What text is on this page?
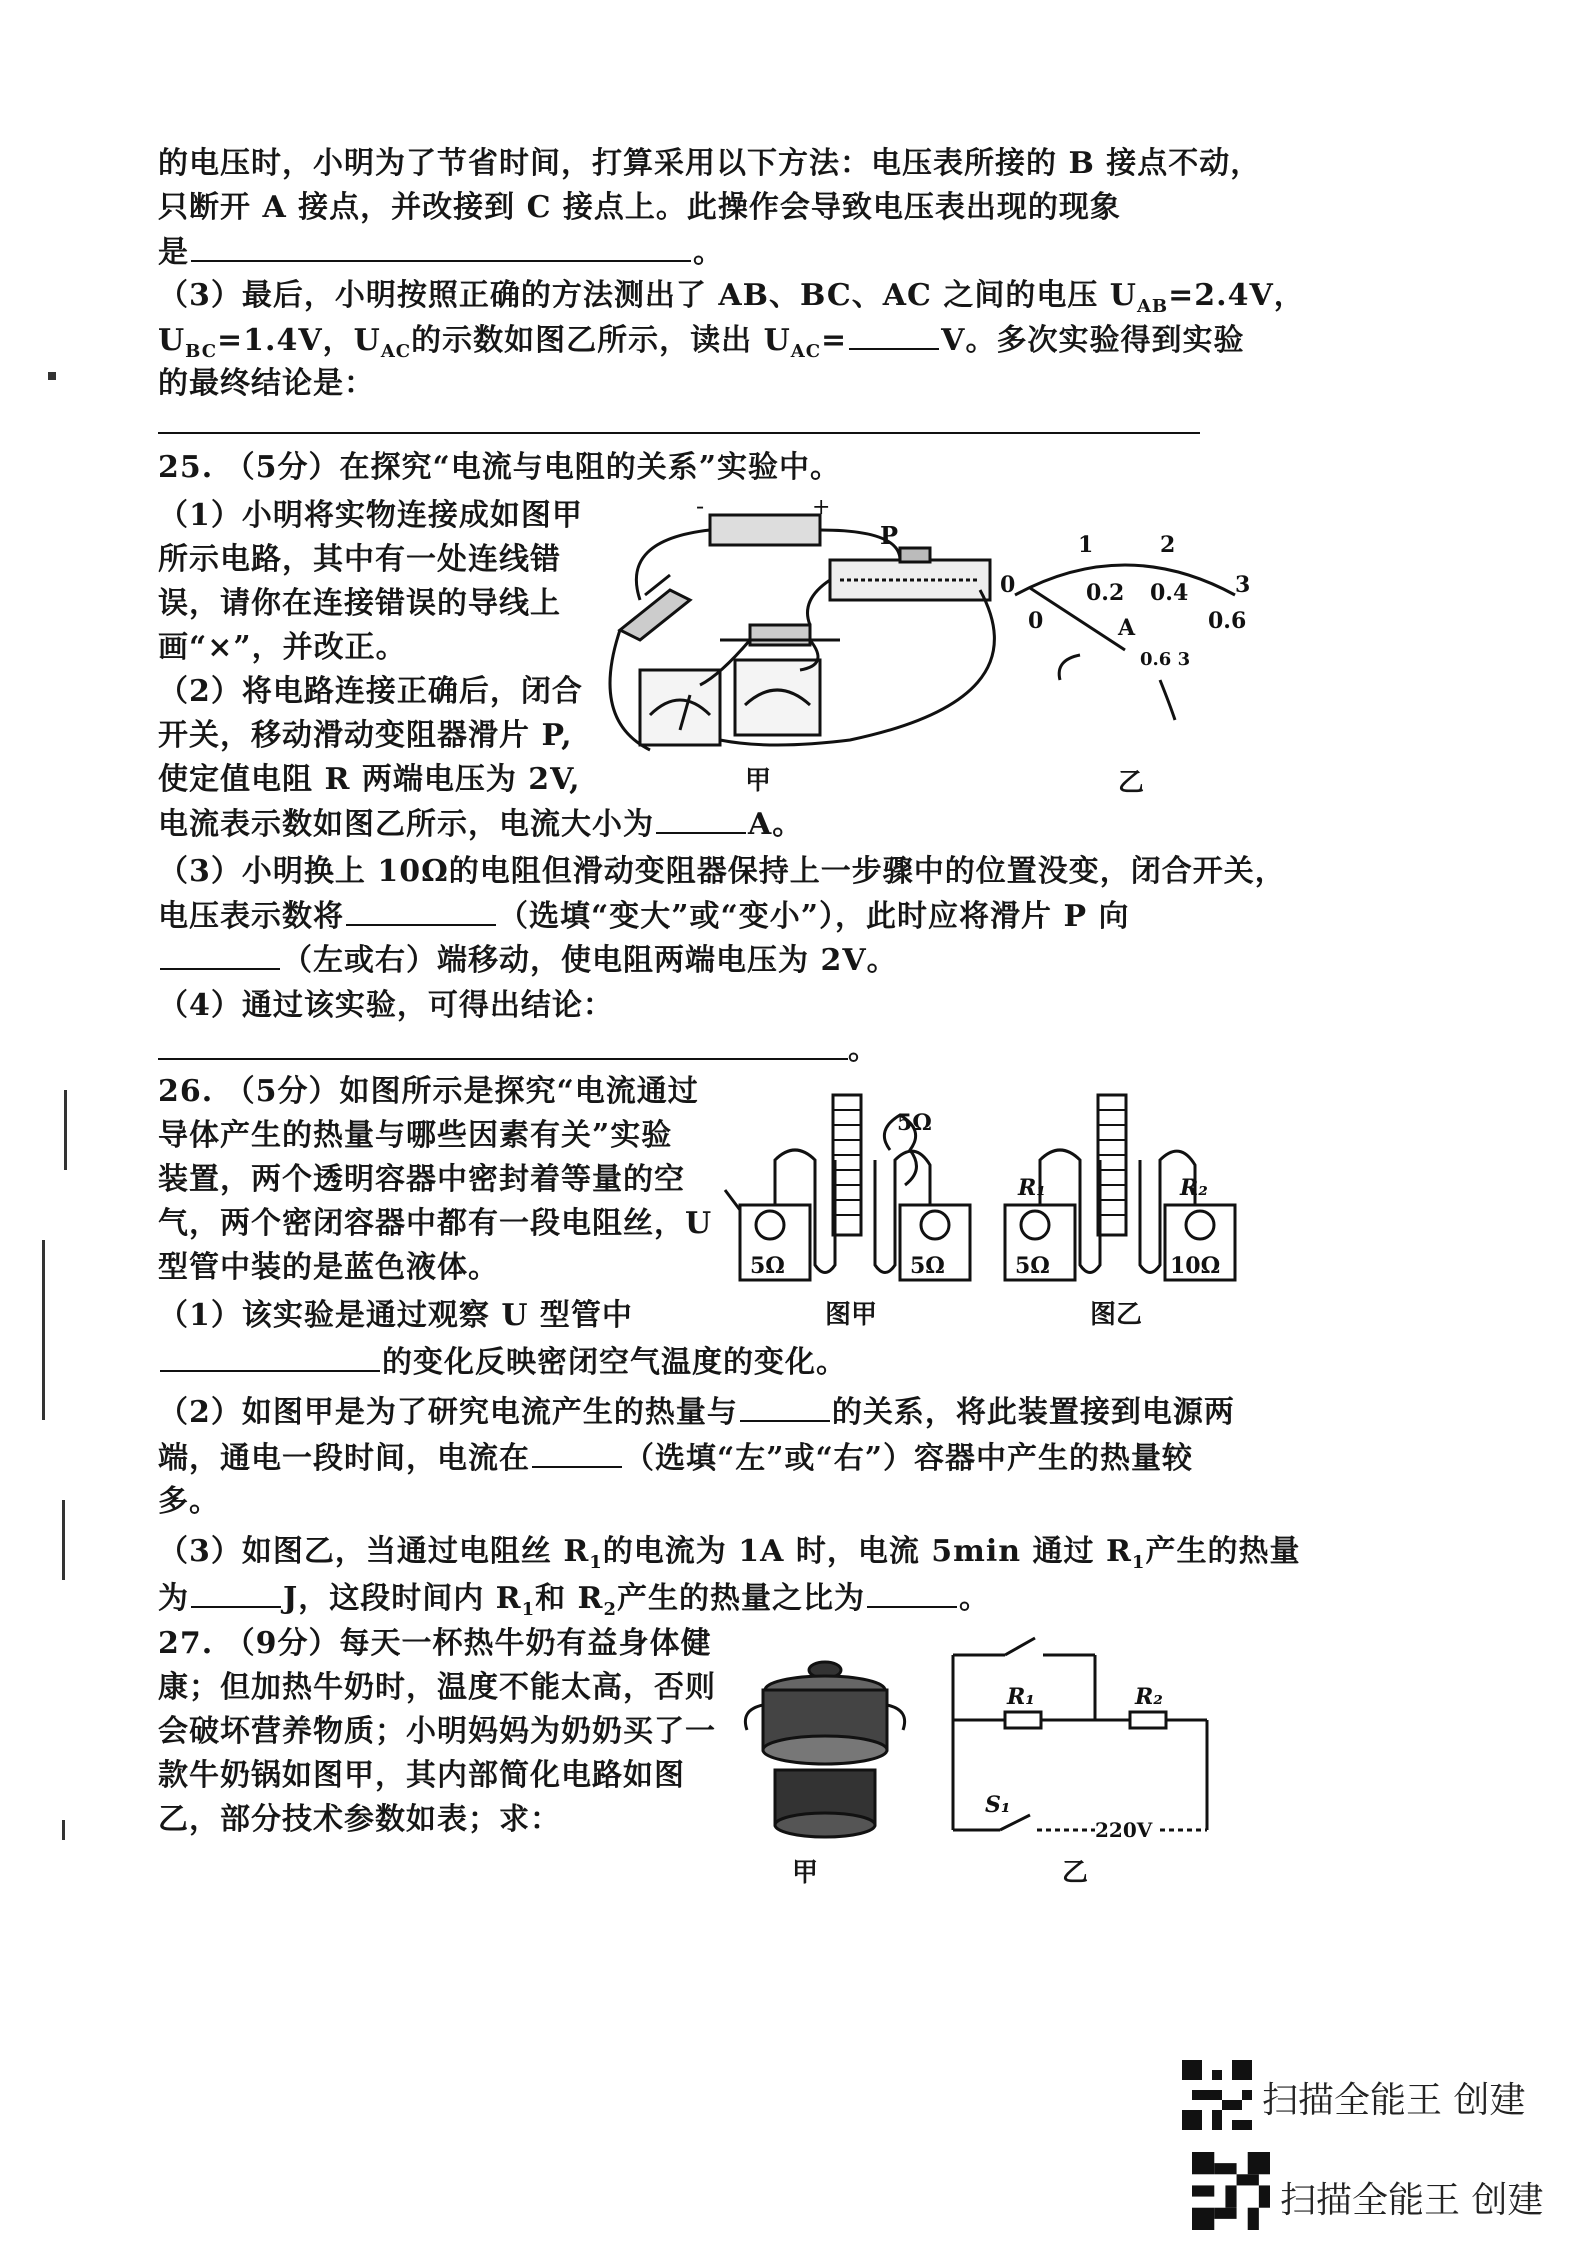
的电压时，小明为了节省时间，打算采用以下方法：电压表所接的 B 接点不动，
只断开 A 接点，并改接到 C 接点上。此操作会导致电压表出现的现象
是	。
（3）最后，小明按照正确的方法测出了 AB、BC、AC 之间的电压 $U_{AB}=2.4V$，
$U_{BC}=1.4V$，$U_{AC}$的示数如图乙所示，读出 $U_{AC}=$	V。多次实验得到实验
的最终结论是：
25. （5分）在探究“电流与电阻的关系”实验中。
（1）小明将实物连接成如图甲
所示电路，其中有一处连线错
误，请你在连接错误的导线上
画“×”，并改正。
（2）将电路连接正确后，闭合
开关，移动滑动变阻器滑片 P,
使定值电阻 R 两端电压为 2V,
电流表示数如图乙所示，电流大小为	A。
（3）小明换上 10Ω的电阻但滑动变阻器保持上一步骤中的位置没变，闭合开关，
电压表示数将	（选填“变大”或“变小”），此时应将滑片 P 向
（左或右）端移动，使电阻两端电压为 2V。
（4）通过该实验，可得出结论：
。
-	+
P
甲
0
1	2
3
0
0.2 0.4
0.6
A
0.6 3
乙
26. （5分）如图所示是探究“电流通过
导体产生的热量与哪些因素有关”实验
装置，两个透明容器中密封着等量的空
气，两个密闭容器中都有一段电阻丝，U
型管中装的是蓝色液体。
（1）该实验是通过观察 U 型管中
的变化反映密闭空气温度的变化。
（2）如图甲是为了研究电流产生的热量与	的关系，将此装置接到电源两
端，通电一段时间，电流在	（选填“左”或“右”）容器中产生的热量较
多。
（3）如图乙，当通过电阻丝 $R_1$的电流为 1A 时，电流 5min 通过 $R_1$产生的热量
为	J，这段时间内 $R_1$和 $R_2$产生的热量之比为	。
5Ω	5Ω
5Ω
图甲
R₁	R₂
5Ω	10Ω
图乙
27. （9分）每天一杯热牛奶有益身体健
康；但加热牛奶时，温度不能太高，否则
会破坏营养物质；小明妈妈为奶奶买了一
款牛奶锅如图甲，其内部简化电路如图
乙，部分技术参数如表；求：
甲
R₁	R₂
S₁
220V
乙
扫描全能王 创建
扫描全能王 创建
